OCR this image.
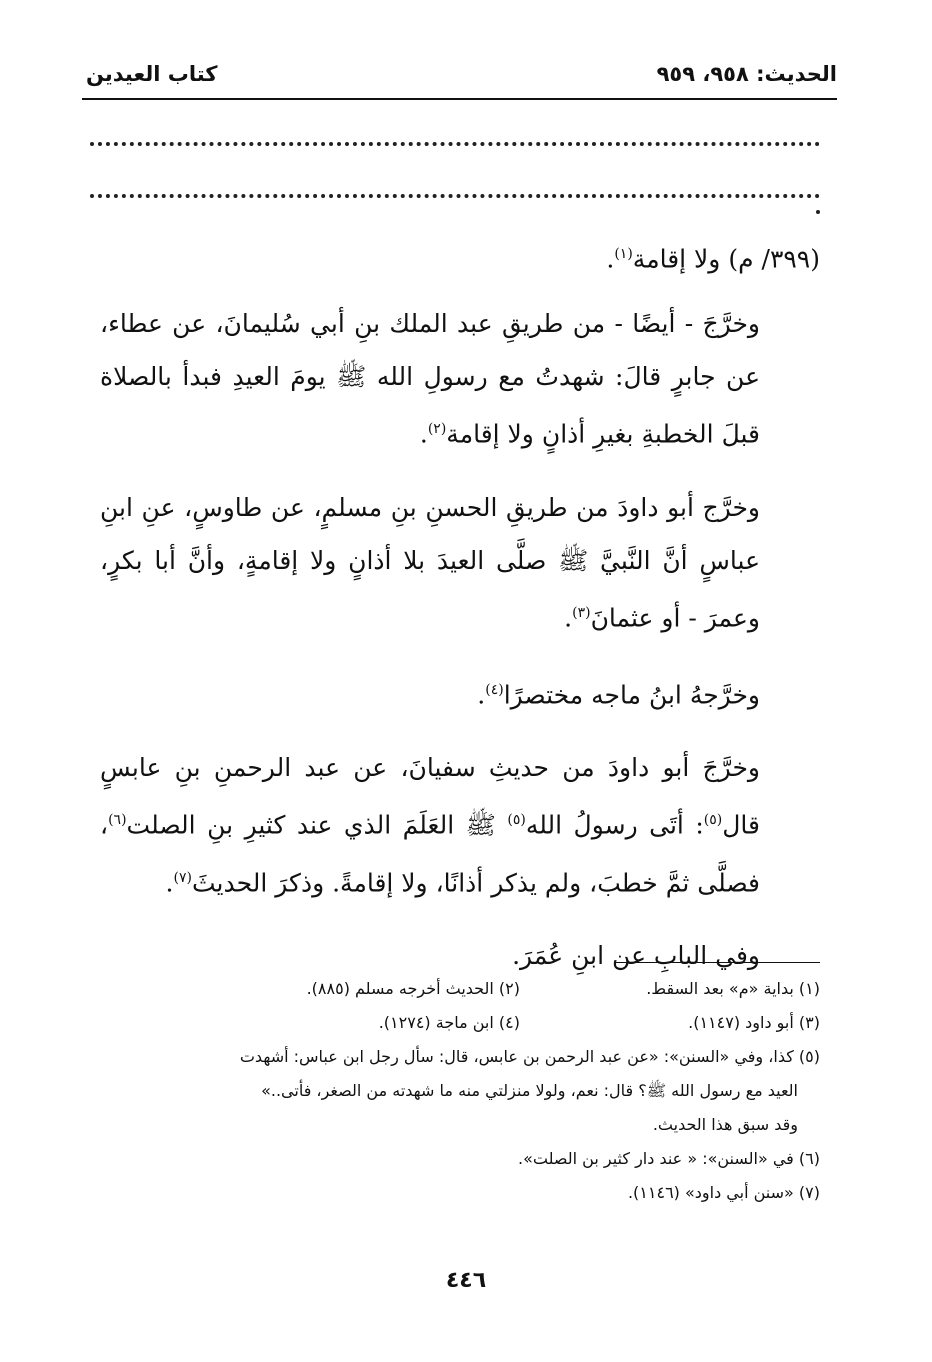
الحديث: ٩٥٨، ٩٥٩
كتاب العيدين

(٣٩٩/ م) ولا إقامة$^{(١)}$.

وخرَّجَ - أيضًا - من طريقِ عبد الملك بنِ أبي سُليمانَ، عن عطاء، عن جابرٍ قالَ: شهدتُ مع رسولِ الله ﷺ يومَ العيدِ فبدأ بالصلاة قبلَ الخطبةِ بغيرِ أذانٍ ولا إقامة$^{(٢)}$.

وخرَّج أبو داودَ من طريقِ الحسنِ بنِ مسلمٍ، عن طاوسٍ، عنِ ابنِ عباسٍ أنَّ النَّبيَّ ﷺ صلَّى العيدَ بلا أذانٍ ولا إقامةٍ، وأنَّ أبا بكرٍ، وعمرَ - أو عثمانَ$^{(٣)}$.

وخرَّجهُ ابنُ ماجه مختصرًا$^{(٤)}$.

وخرَّجَ أبو داودَ من حديثِ سفيانَ، عن عبد الرحمنِ بنِ عابسٍ قال$^{(٥)}$: أتَى رسولُ الله$^{(٥)}$ ﷺ العَلَمَ الذي عند كثيرِ بنِ الصلت$^{(٦)}$، فصلَّى ثمَّ خطبَ، ولم يذكر أذانًا، ولا إقامةً. وذكرَ الحديثَ$^{(٧)}$.

وفي البابِ عن ابنِ عُمَرَ.

(١) بداية «م» بعد السقط.
(٢) الحديث أخرجه مسلم (٨٨٥).
(٣) أبو داود (١١٤٧).
(٤) ابن ماجة (١٢٧٤).
(٥) كذا، وفي «السنن»: «عن عبد الرحمن بن عابس، قال: سأل رجل ابن عباس: أشهدت
العيد مع رسول الله ﷺ؟ قال: نعم، ولولا منزلتي منه ما شهدته من الصغر، فأتى..»
وقد سبق هذا الحديث.
(٦) في «السنن»: « عند دار كثير بن الصلت».
(٧) «سنن أبي داود» (١١٤٦).
٤٤٦
